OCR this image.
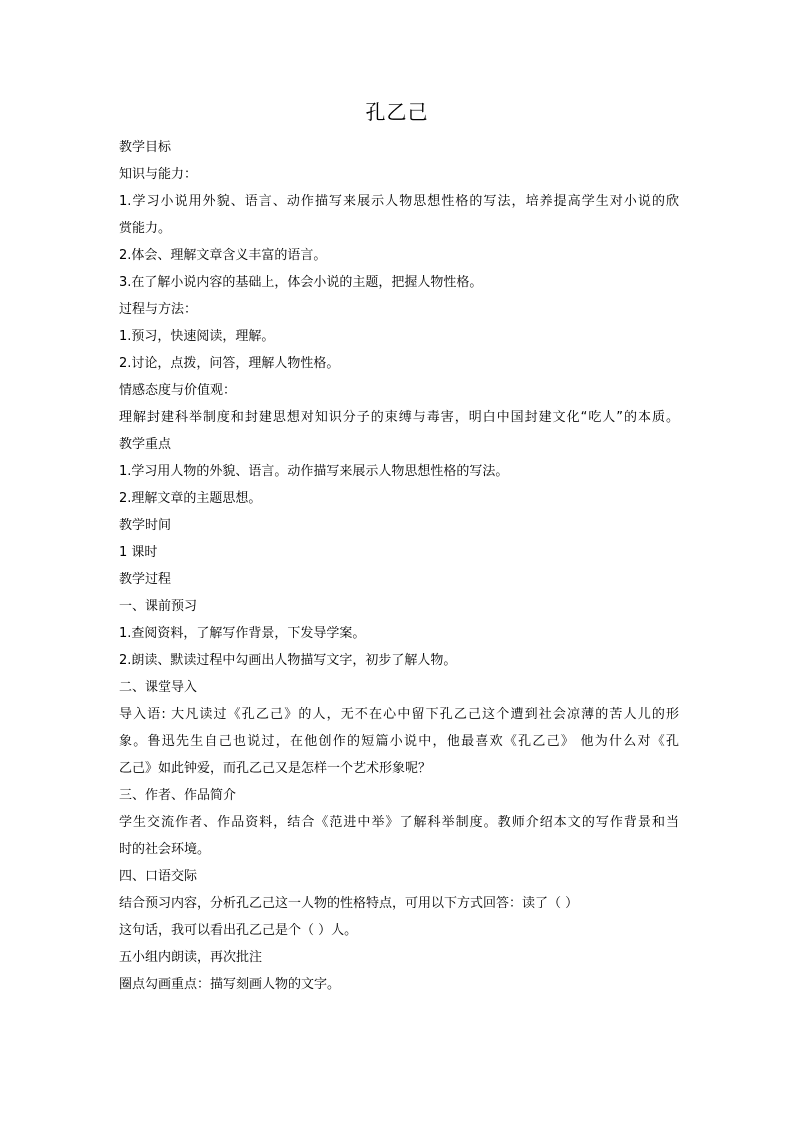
孔乙己
教学目标
知识与能力：
1.学习小说用外貌、语言、动作描写来展示人物思想性格的写法，培养提高学生对小说的欣
赏能力。
2.体会、理解文章含义丰富的语言。
3.在了解小说内容的基础上，体会小说的主题，把握人物性格。
过程与方法：
1.预习，快速阅读，理解。
2.讨论，点拨，问答，理解人物性格。
情感态度与价值观：
理解封建科举制度和封建思想对知识分子的束缚与毒害，明白中国封建文化“吃人”的本质。
教学重点
1.学习用人物的外貌、语言。动作描写来展示人物思想性格的写法。
2.理解文章的主题思想。
教学时间
1 课时
教学过程
一、课前预习
1.查阅资料，了解写作背景，下发导学案。
2.朗读、默读过程中勾画出人物描写文字，初步了解人物。
二、课堂导入
导入语: 大凡读过《孔乙己》的人，无不在心中留下孔乙己这个遭到社会凉薄的苦人儿的形
象。鲁迅先生自己也说过，在他创作的短篇小说中，他最喜欢《孔乙己》 他为什么对《孔
乙己》如此钟爱，而孔乙己又是怎样一个艺术形象呢？
三、作者、作品简介
学生交流作者、作品资料，结合《范进中举》了解科举制度。教师介绍本文的写作背景和当
时的社会环境。
四、口语交际
结合预习内容，分析孔乙己这一人物的性格特点，可用以下方式回答：读了（ ）
这句话，我可以看出孔乙己是个（ ）人。
五小组内朗读，再次批注
圈点勾画重点：描写刻画人物的文字。
